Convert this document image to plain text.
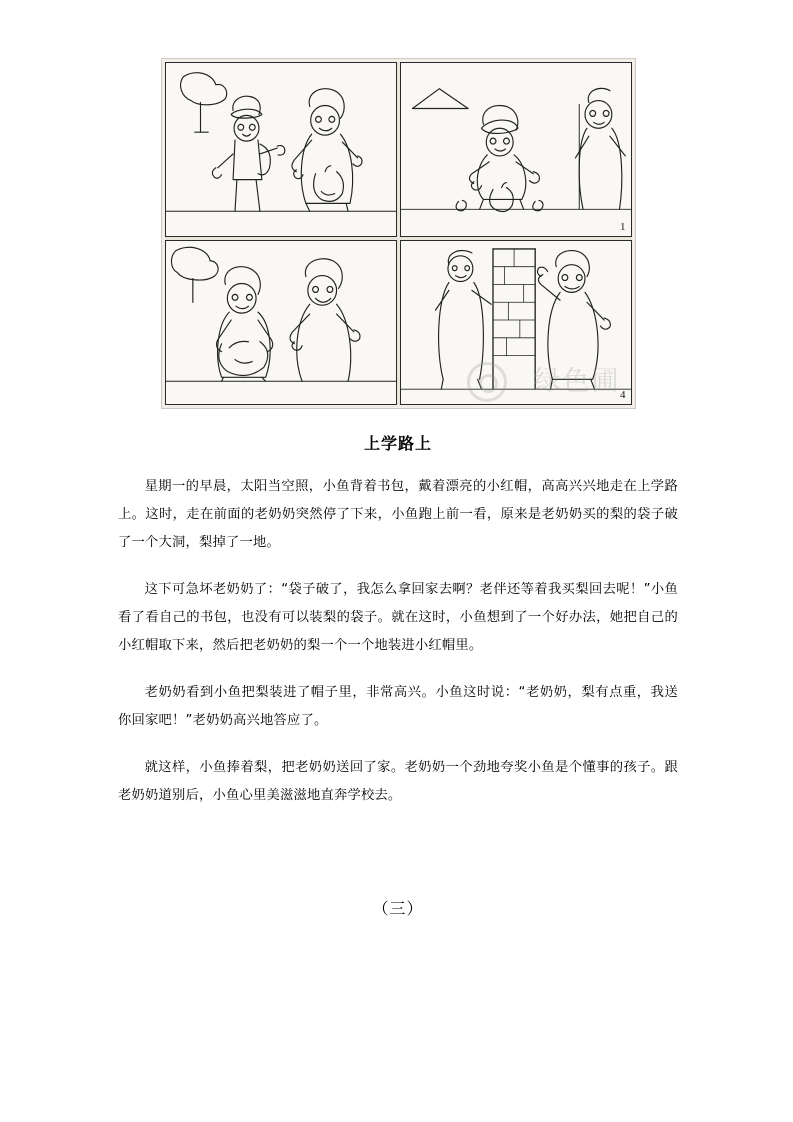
1
4
绿色圃
上学路上

星期一的早晨，太阳当空照，小鱼背着书包，戴着漂亮的小红帽，高高兴兴地走在上学路上。这时，走在前面的老奶奶突然停了下来，小鱼跑上前一看，原来是老奶奶买的梨的袋子破了一个大洞，梨掉了一地。

这下可急坏老奶奶了：“袋子破了，我怎么拿回家去啊？老伴还等着我买梨回去呢！”小鱼看了看自己的书包，也没有可以装梨的袋子。就在这时，小鱼想到了一个好办法，她把自己的小红帽取下来，然后把老奶奶的梨一个一个地装进小红帽里。

老奶奶看到小鱼把梨装进了帽子里，非常高兴。小鱼这时说：“老奶奶，梨有点重，我送你回家吧！”老奶奶高兴地答应了。

就这样，小鱼捧着梨，把老奶奶送回了家。老奶奶一个劲地夸奖小鱼是个懂事的孩子。跟老奶奶道别后，小鱼心里美滋滋地直奔学校去。

（三）
